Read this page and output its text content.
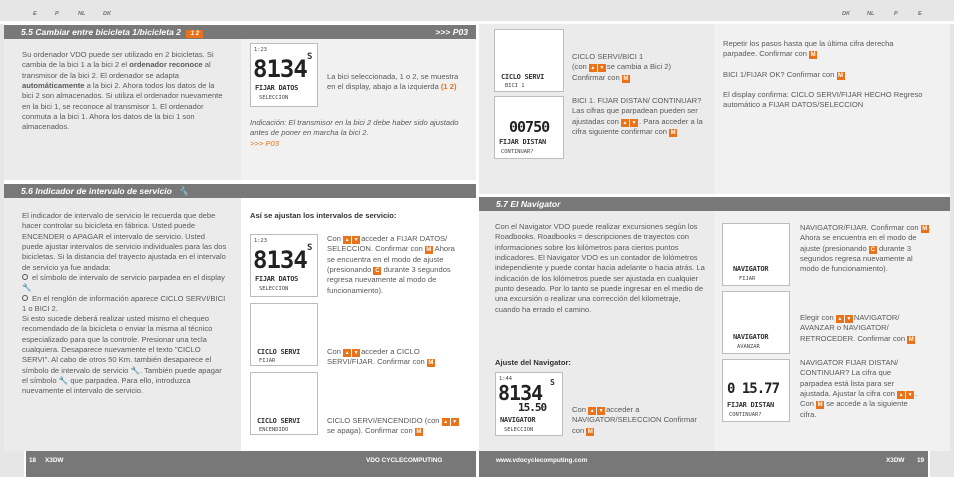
E	P	NL	DK	DK	NL	P	E
5.5 Cambiar entre bicicleta 1/bicicleta 2 1 2	>>> P03
Su ordenador VDO puede ser utilizado en 2 bicicletas. Si cambia de la bici 1 a la bici 2 el ordenador reconoce al transmisor de la bici 2. El ordenador se adapta automáticamente a la bici 2. Ahora todos los datos de la bici 2 son almacenados. Si utiliza el ordenador nuevamente en la bici 1, se reconoce al transmisor 1. El ordenador conmuta a la bici 1. Ahora los datos de la bici 1 son almacenados.
1:23
8134 S
FIJAR DATOS
SELECCION
La bici seleccionada, 1 o 2, se muestra en el display, abajo a la izquierda (1 2)
Indicación: El transmisor en la bici 2 debe haber sido ajustado antes de poner en marcha la bici 2.
>>> P03
5.6 Indicador de intervalo de servicio 🔧
El indicador de intervalo de servicio le recuerda que debe hacer controlar su bicicleta en fábrica. Usted puede ENCENDER o APAGAR el intervalo de servicio. Usted puede ajustar intervalos de servicio individuales para las dos bicicletas. Si la distancia del trayecto ajustada en el intervalo de servicio ya fue andada:
el símbolo de intervalo de servicio parpadea en el display 🔧
En el renglón de información aparece CICLO SERVI/BICI 1 o BICI 2.
Si esto sucede deberá realizar usted mismo el chequeo recomendado de la bicicleta o enviar la misma al técnico especializado para que la controle. Presionar una tecla cualquiera. Desaparece nuevamente el texto "CICLO SERVI". Al cabo de otros 50 Km. también desaparece el símbolo de intervalo de servicio 🔧. También puede apagar el símbolo 🔧 que parpadea. Para ello, introduzca nuevamente el intervalo de servicio.
Así se ajustan los intervalos de servicio:
1:23
8134 S
FIJAR DATOS
SELECCION
Con ▲ ▼ acceder a FIJAR DATOS/ SELECCION. Confirmar con M Ahora se encuentra en el modo de ajuste (presionando C durante 3 segundos regresa nuevamente al modo de funcionamiento).
CICLO SERVI
FIJAR
Con ▲ ▼ acceder a CICLO SERVI/FIJAR. Confirmar con M
CICLO SERVI
ENCENDIDO
CICLO SERVI/ENCENDIDO (con ▲ ▼se apaga). Confirmar con M
CICLO SERVI
BICI 1
CICLO SERVI/BICI 1
(con ▲ ▼ se cambia a Bici 2)
Confirmar con M
00750
FIJAR DISTAN
CONTINUAR?
BICI 1. FIJAR DISTAN/ CONTINUAR? Las cifras que parpadean pueden ser ajustadas con ▲ ▼ . Para acceder a la cifra siguiente confirmar con M
Repetir los pasos hasta que la última cifra derecha parpadee. Confirmar con M
BICI 1/FIJAR OK? Confirmar con M
El display confirma: CICLO SERVI/FIJAR HECHO Regreso automático a FIJAR DATOS/SELECCION
5.7 El Navigator
Con el Navigator VDO puede realizar excursiones según los Roadbooks. Roadbooks = descripciones de trayectos con informaciones sobre los kilómetros para ciertos puntos indicadores. El Navigator VDO es un contador de kilómetros independiente y puede contar hacia adelante o hacia atrás. La indicación de los kilómetros puede ser ajustada en cualquier punto deseado. Por lo tanto se puede ingresar en el medio de una excursión o realizar una corrección del kilometraje, cuando ha errado el camino.
Ajuste del Navigator:
1:44
8134 S
15.50
NAVIGATOR
SELECCION
Con ▲ ▼ acceder a NAVIGATOR/SELECCION Confirmar con M
NAVIGATOR
FIJAR
NAVIGATOR/FIJAR. Confirmar con M . Ahora se encuentra en el modo de ajuste (presionando C durante 3 segundos regresa nuevamente al modo de funcionamiento).
NAVIGATOR
AVANZAR
Elegir con ▲ ▼ NAVIGATOR/ AVANZAR o NAVIGATOR/ RETROCEDER. Confirmar con M
0 15.77
FIJAR DISTAN
CONTINUAR?
NAVIGATOR FIJAR DISTAN/ CONTINUAR? La cifra que parpadea está lista para ser ajustada. Ajustar la cifra con ▲ ▼ . Con M se accede a la siguiente cifra.
18 X3DW	VDO CYCLECOMPUTING	www.vdocyclecomputing.com	X3DW 19
